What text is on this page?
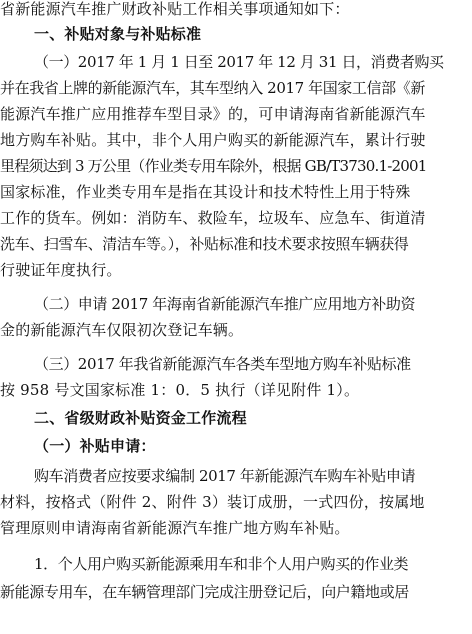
省新能源汽车推广财政补贴工作相关事项通知如下：
一、补贴对象与补贴标准
（一）2017 年 1 月 1 日至 2017 年 12 月 31 日，消费者购买
并在我省上牌的新能源汽车，其车型纳入 2017 年国家工信部《新
能源汽车推广应用推荐车型目录》的，可申请海南省新能源汽车
地方购车补贴。其中，非个人用户购买的新能源汽车，累计行驶
里程须达到 3 万公里（作业类专用车除外，根据 GB/T3730.1-2001
国家标准，作业类专用车是指在其设计和技术特性上用于特殊
工作的货车。例如：消防车、救险车，垃圾车、应急车、街道清
洗车、扫雪车、清洁车等。），补贴标准和技术要求按照车辆获得
行驶证年度执行。
（二）申请 2017 年海南省新能源汽车推广应用地方补助资
金的新能源汽车仅限初次登记车辆。
（三）2017 年我省新能源汽车各类车型地方购车补贴标准
按 958 号文国家标准 1：0．5 执行（详见附件 1）。
二、省级财政补贴资金工作流程
（一）补贴申请：
购车消费者应按要求编制 2017 年新能源汽车购车补贴申请
材料，按格式（附件 2、附件 3）装订成册，一式四份，按属地
管理原则申请海南省新能源汽车推广地方购车补贴。
1．个人用户购买新能源乘用车和非个人用户购买的作业类
新能源专用车，在车辆管理部门完成注册登记后，向户籍地或居
